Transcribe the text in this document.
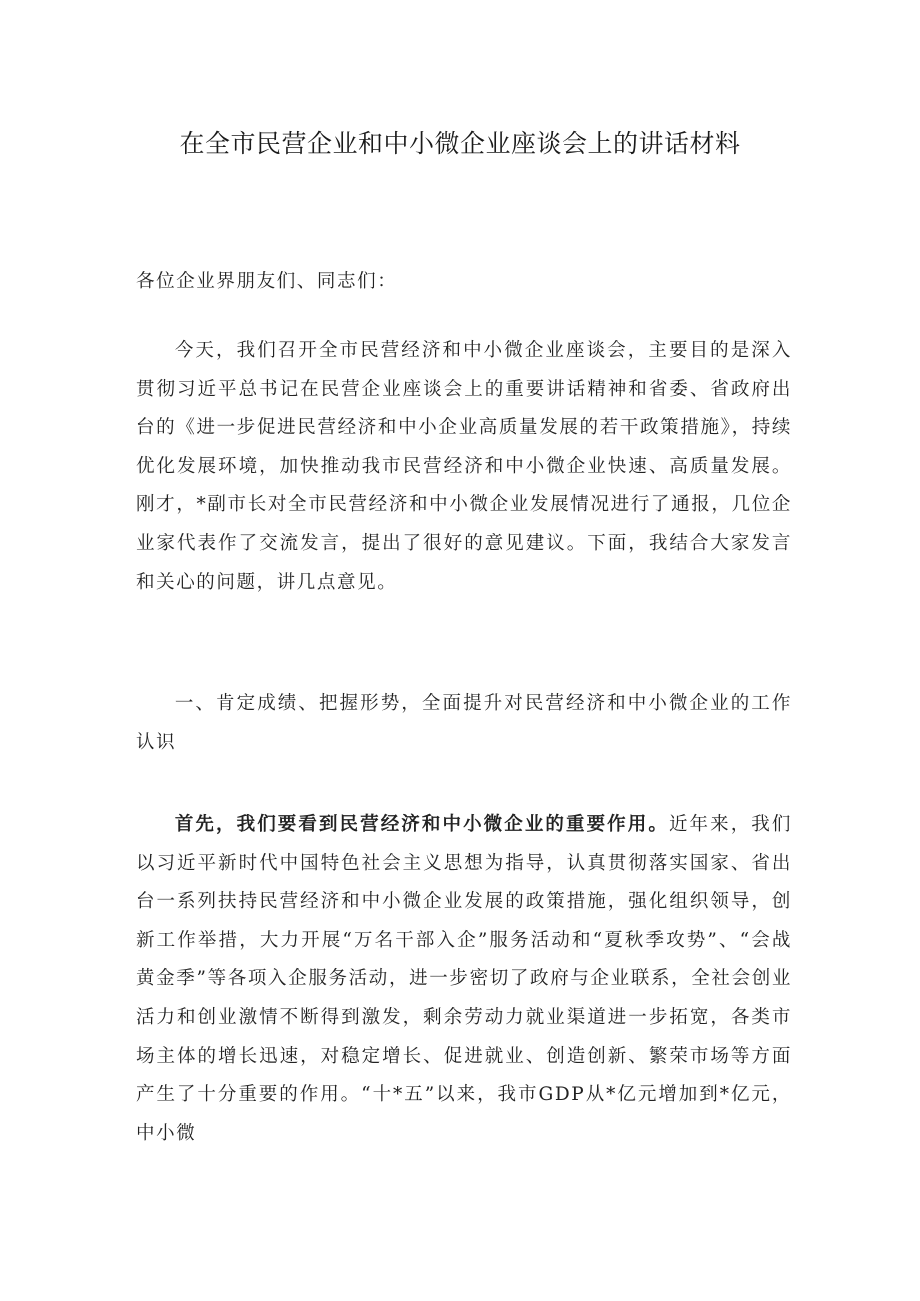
在全市民营企业和中小微企业座谈会上的讲话材料

各位企业界朋友们、同志们：

今天，我们召开全市民营经济和中小微企业座谈会，主要目的是深入贯彻习近平总书记在民营企业座谈会上的重要讲话精神和省委、省政府出台的《进一步促进民营经济和中小企业高质量发展的若干政策措施》，持续优化发展环境，加快推动我市民营经济和中小微企业快速、高质量发展。刚才，*副市长对全市民营经济和中小微企业发展情况进行了通报，几位企业家代表作了交流发言，提出了很好的意见建议。下面，我结合大家发言和关心的问题，讲几点意见。

一、肯定成绩、把握形势，全面提升对民营经济和中小微企业的工作认识

首先，我们要看到民营经济和中小微企业的重要作用。近年来，我们以习近平新时代中国特色社会主义思想为指导，认真贯彻落实国家、省出台一系列扶持民营经济和中小微企业发展的政策措施，强化组织领导，创新工作举措，大力开展“万名干部入企”服务活动和“夏秋季攻势”、“会战黄金季”等各项入企服务活动，进一步密切了政府与企业联系，全社会创业活力和创业激情不断得到激发，剩余劳动力就业渠道进一步拓宽，各类市场主体的增长迅速，对稳定增长、促进就业、创造创新、繁荣市场等方面产生了十分重要的作用。“十*五”以来，我市GDP从*亿元增加到*亿元，中小微
